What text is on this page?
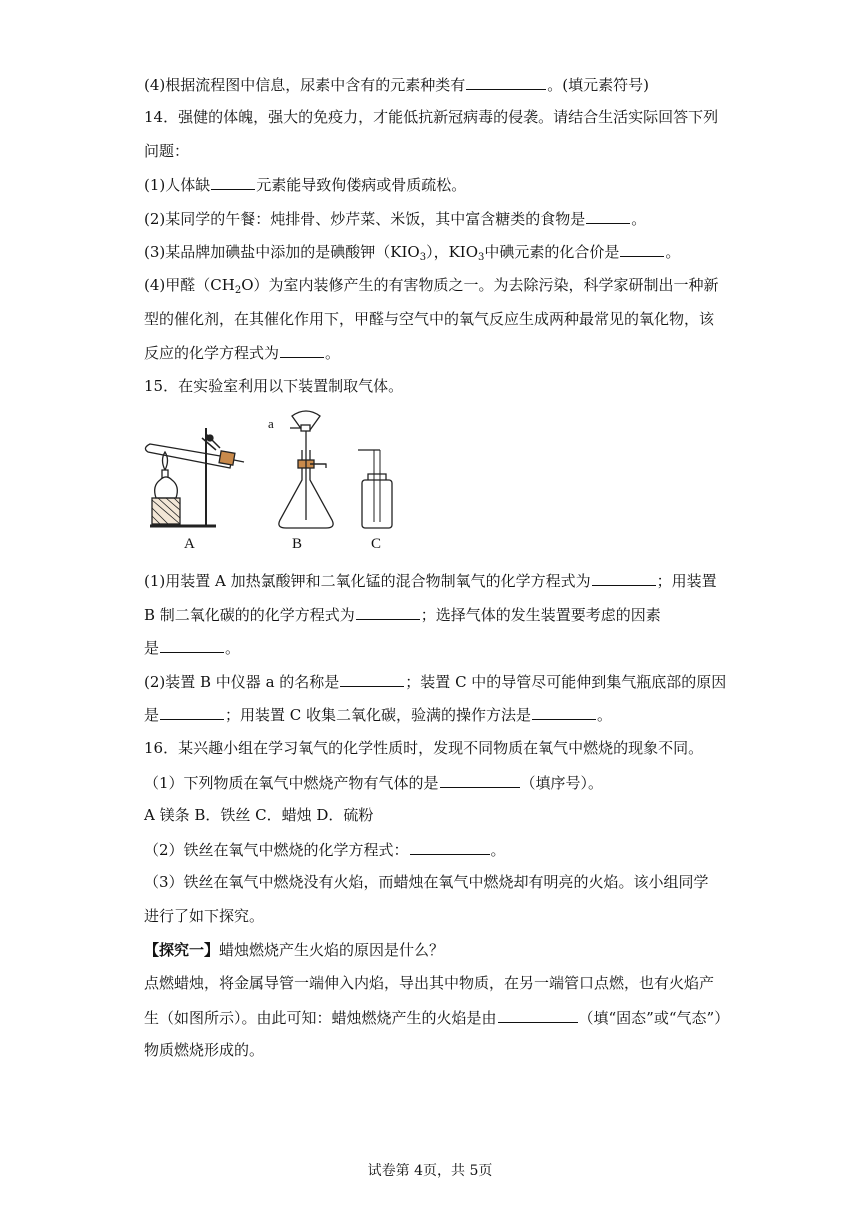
(4)根据流程图中信息，尿素中含有的元素种类有	。(填元素符号)
14．强健的体魄，强大的免疫力，才能低抗新冠病毒的侵袭。请结合生活实际回答下列
问题：
(1)人体缺	元素能导致佝偻病或骨质疏松。
(2)某同学的午餐：炖排骨、炒芹菜、米饭，其中富含糖类的食物是	。
(3)某品牌加碘盐中添加的是碘酸钾$(KIO_3)$，$KIO_3$中碘元素的化合价是	。
(4)甲醛$(CH_2O)$为室内装修产生的有害物质之一。为去除污染，科学家研制出一种新
型的催化剂，在其催化作用下，甲醛与空气中的氧气反应生成两种最常见的氧化物，该
反应的化学方程式为	。
15．在实验室利用以下装置制取气体。
a
A	B	C
(1)用装置 A 加热氯酸钾和二氧化锰的混合物制氧气的化学方程式为	；用装置
B 制二氧化碳的的化学方程式为	；选择气体的发生装置要考虑的因素
是	。
(2)装置 B 中仪器 a 的名称是	；装置 C 中的导管尽可能伸到集气瓶底部的原因
是	；用装置 C 收集二氧化碳，验满的操作方法是	。
16．某兴趣小组在学习氧气的化学性质时，发现不同物质在氧气中燃烧的现象不同。
（1）下列物质在氧气中燃烧产物有气体的是	（填序号）。
A 镁条 B．铁丝 C．蜡烛 D．硫粉
（2）铁丝在氧气中燃烧的化学方程式：	。
（3）铁丝在氧气中燃烧没有火焰，而蜡烛在氧气中燃烧却有明亮的火焰。该小组同学
进行了如下探究。
【探究一】蜡烛燃烧产生火焰的原因是什么？
点燃蜡烛，将金属导管一端伸入内焰，导出其中物质，在另一端管口点燃，也有火焰产
生（如图所示）。由此可知：蜡烛燃烧产生的火焰是由	（填“固态”或“气态”）
物质燃烧形成的。
试卷第 4页，共 5页
